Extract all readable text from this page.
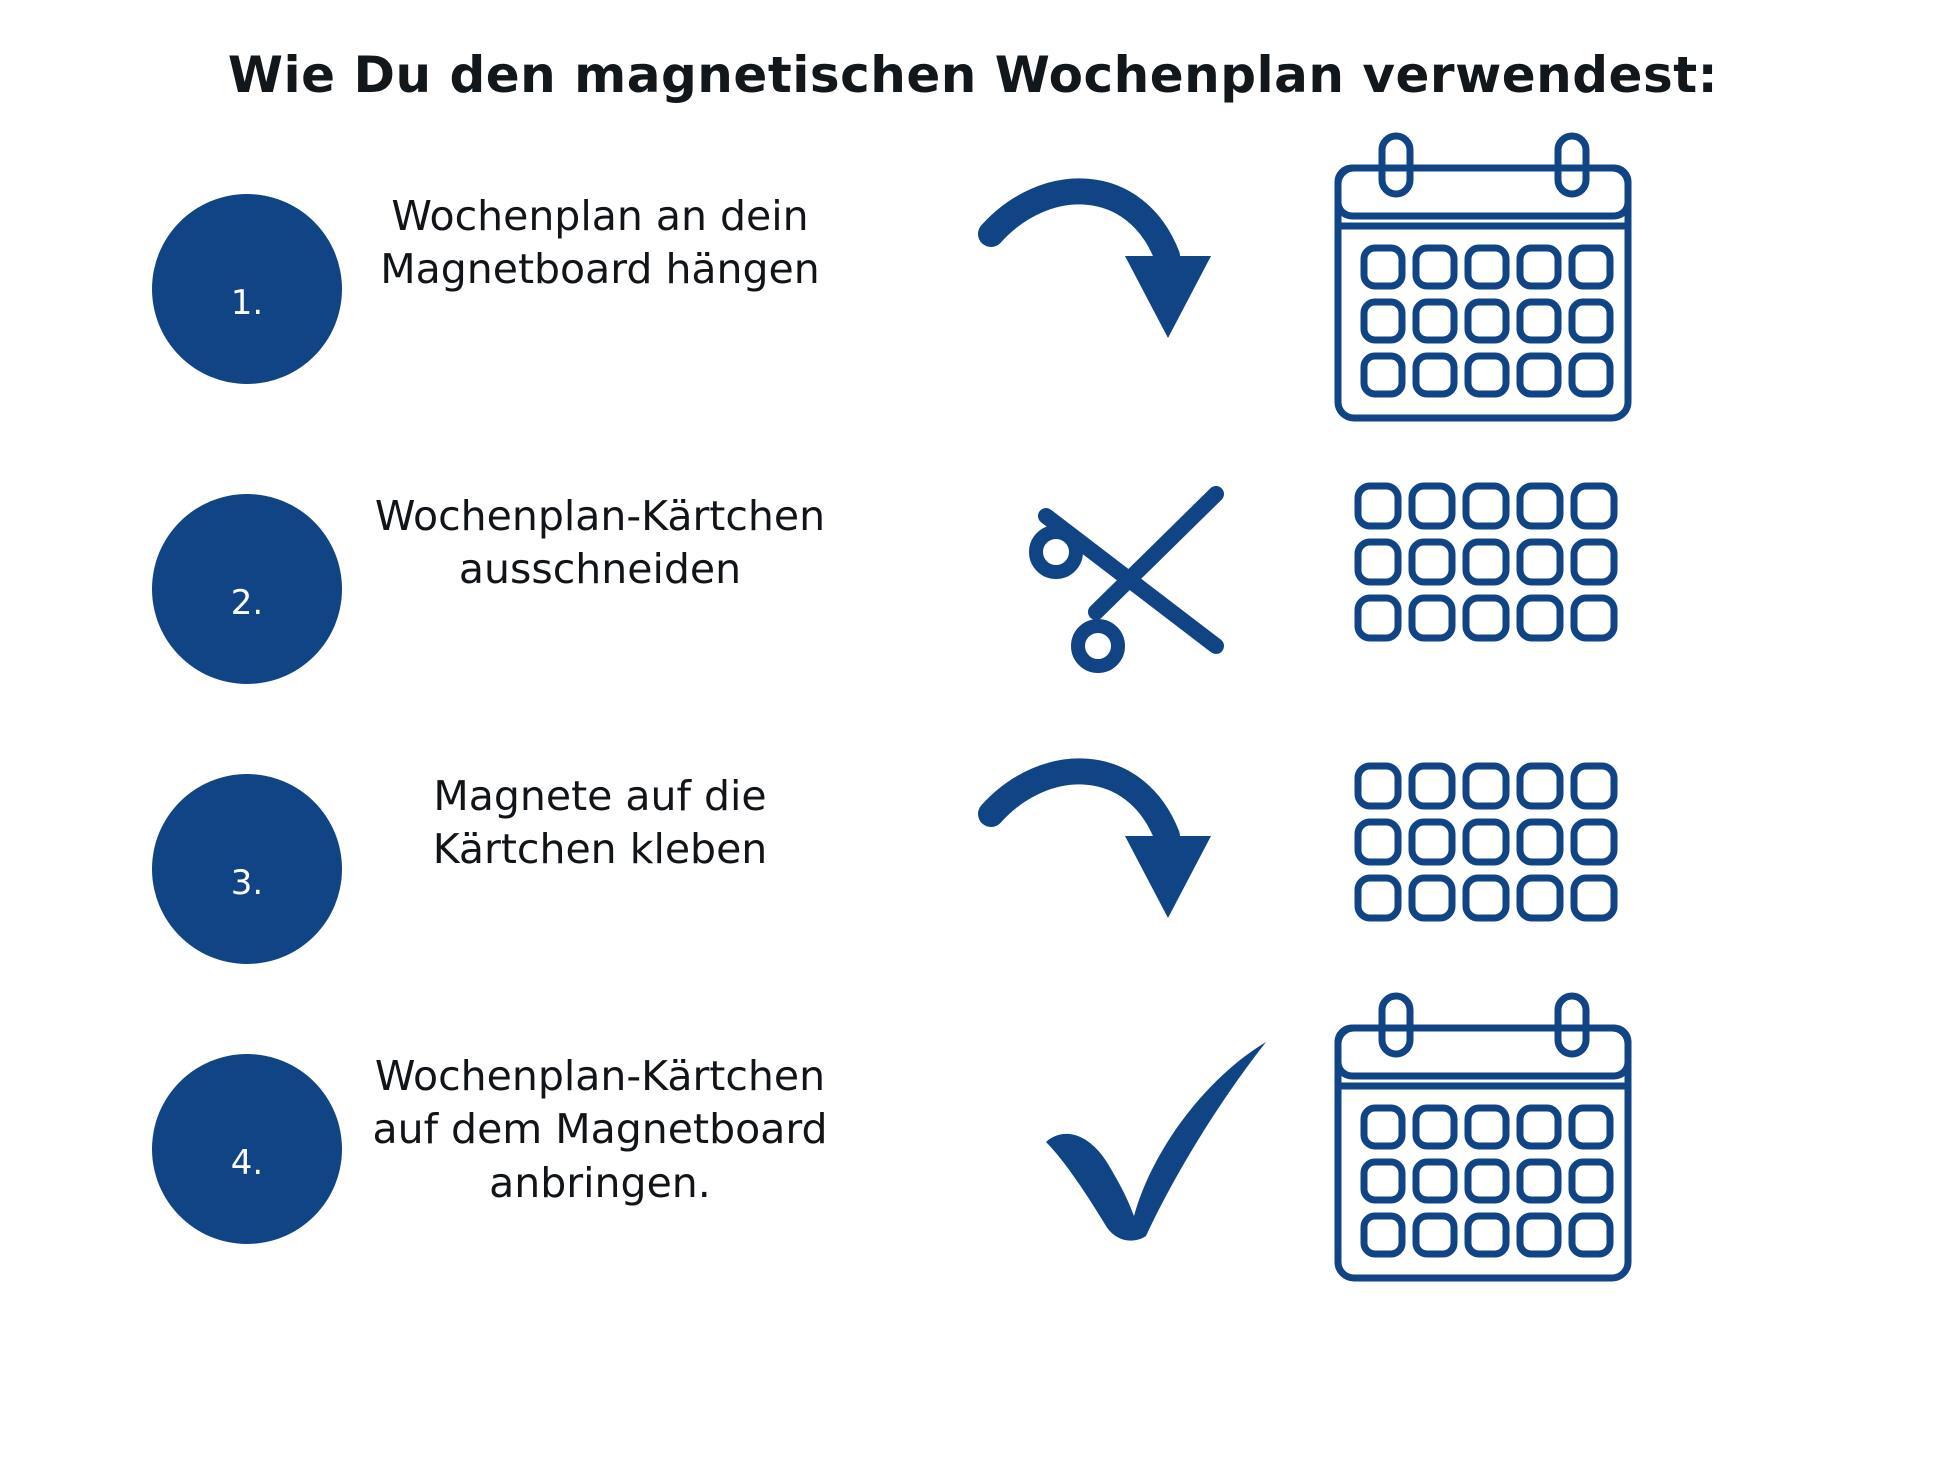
Wie Du den magnetischen Wochenplan verwendest:
1.
Wochenplan an dein Magnetboard hängen
2.
Wochenplan-Kärtchen ausschneiden
3.
Magnete auf die Kärtchen kleben
4.
Wochenplan-Kärtchen auf dem Magnetboard anbringen.
